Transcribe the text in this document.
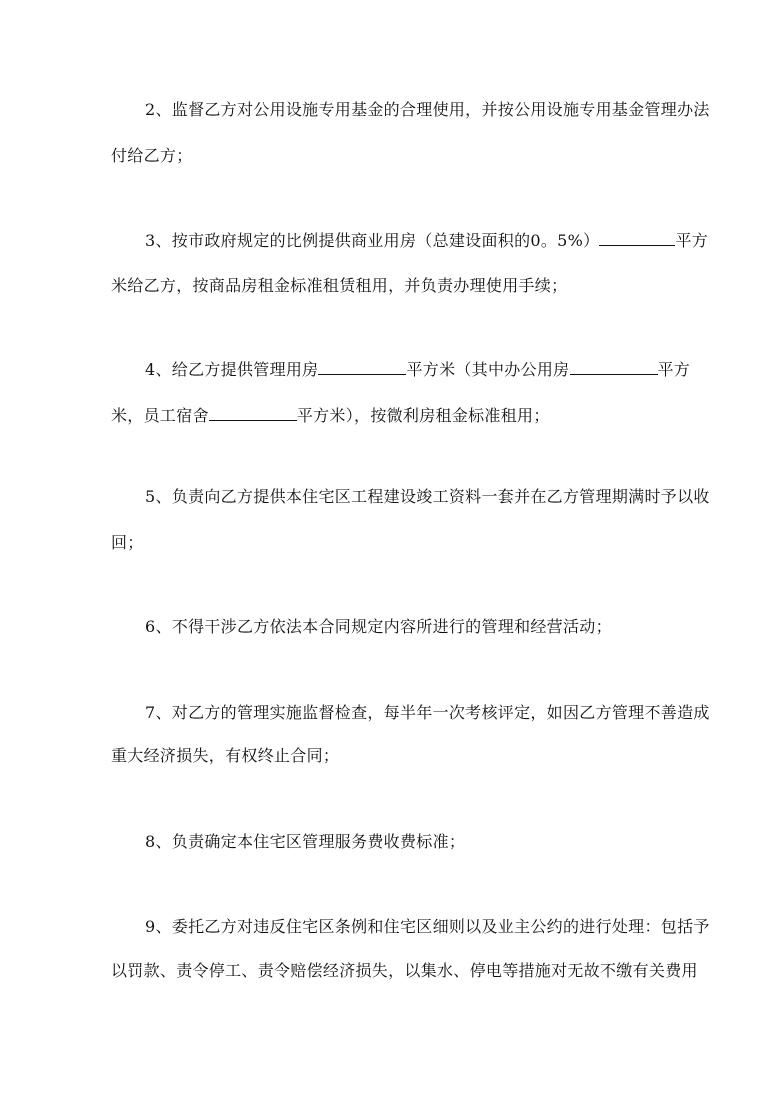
2、监督乙方对公用设施专用基金的合理使用，并按公用设施专用基金管理办法
付给乙方；
3、按市政府规定的比例提供商业用房（总建设面积的0。5%）	平方
米给乙方，按商品房租金标准租赁租用，并负责办理使用手续；
4、给乙方提供管理用房	平方米（其中办公用房	平方
米，员工宿舍	平方米），按微利房租金标准租用；
5、负责向乙方提供本住宅区工程建设竣工资料一套并在乙方管理期满时予以收
回；
6、不得干涉乙方依法本合同规定内容所进行的管理和经营活动；
7、对乙方的管理实施监督检查，每半年一次考核评定，如因乙方管理不善造成
重大经济损失，有权终止合同；
8、负责确定本住宅区管理服务费收费标准；
9、委托乙方对违反住宅区条例和住宅区细则以及业主公约的进行处理：包括予
以罚款、责令停工、责令赔偿经济损失，以集水、停电等措施对无故不缴有关费用
